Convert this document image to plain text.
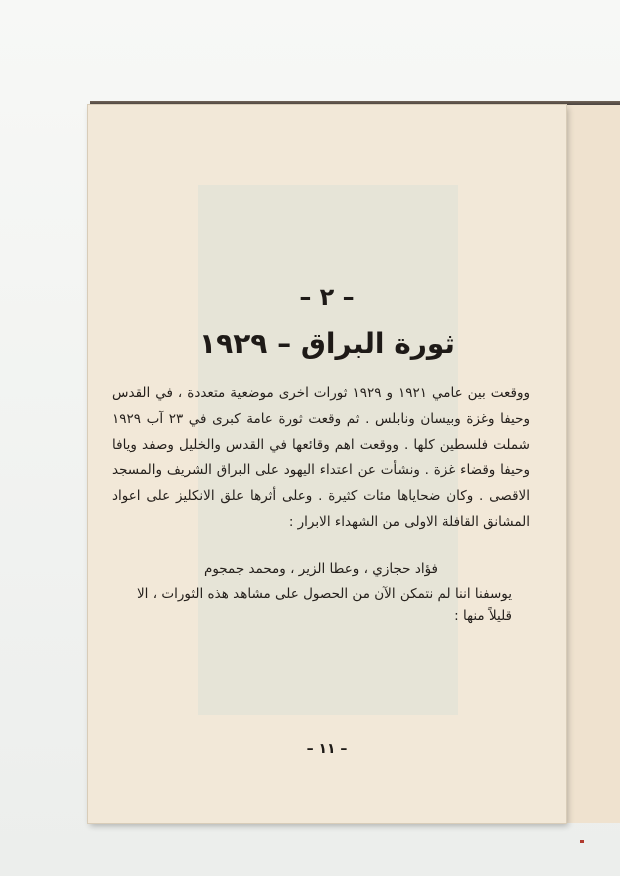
– ٢ –
ثورة البراق – ١٩٢٩

ووقعت بين عامي ١٩٢١ و ١٩٢٩ ثورات اخرى موضعية متعددة ، في القدس وحيفا وغزة وبيسان ونابلس . ثم وقعت ثورة عامة كبرى في ٢٣ آب ١٩٢٩ شملت فلسطين كلها . ووقعت اهم وقائعها في القدس والخليل وصفد ويافا وحيفا وقضاء غزة . ونشأت عن اعتداء اليهود على البراق الشريف والمسجد الاقصى . وكان ضحاياها مئات كثيرة . وعلى أثرها علق الانكليز على اعواد المشانق القافلة الاولى من الشهداء الابرار :

فؤاد حجازي ، وعطا الزير ، ومحمد جمجوم

يوسفنا اننا لم نتمكن الآن من الحصول على مشاهد هذه الثورات ، الا قليلاً منها :

– ١١ –
